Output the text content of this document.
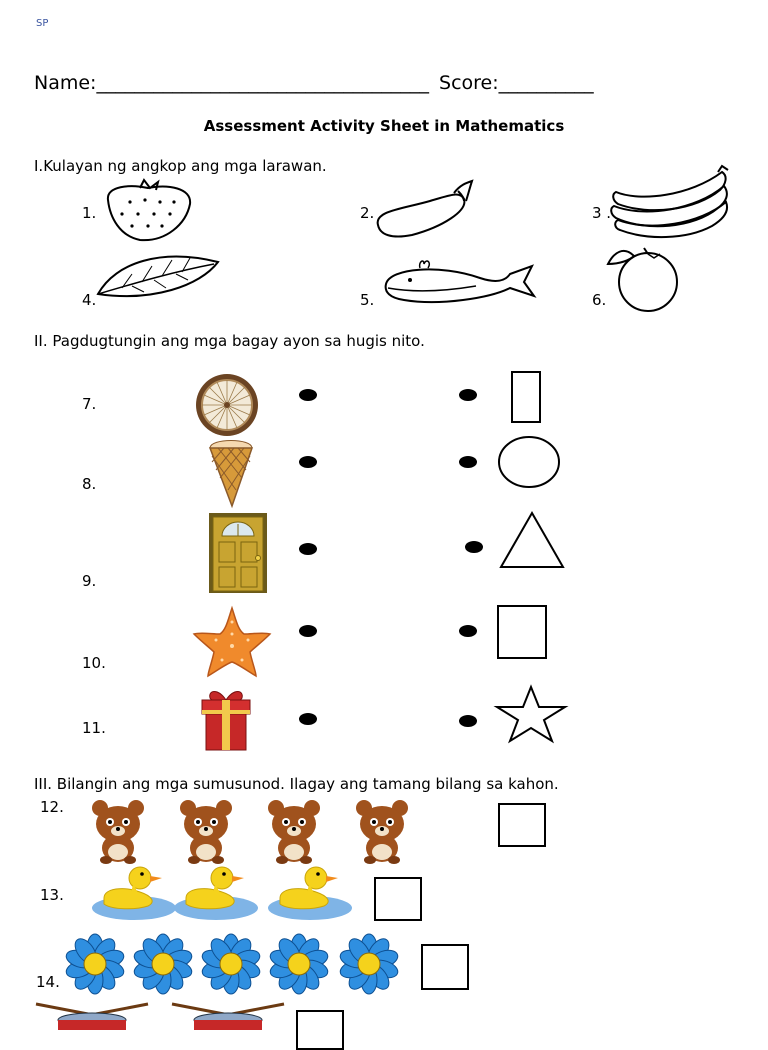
SP
Name:___________________________________ Score:__________
Assessment Activity Sheet in Mathematics
I.Kulayan ng angkop ang mga larawan.
1.	2.	3 .
4.	5.	6.
II. Pagdugtungin ang mga bagay ayon sa hugis nito.
7.
8.
9.
10.
11.
III. Bilangin ang mga sumusunod. Ilagay ang tamang bilang sa kahon.
12.
13.
14.
